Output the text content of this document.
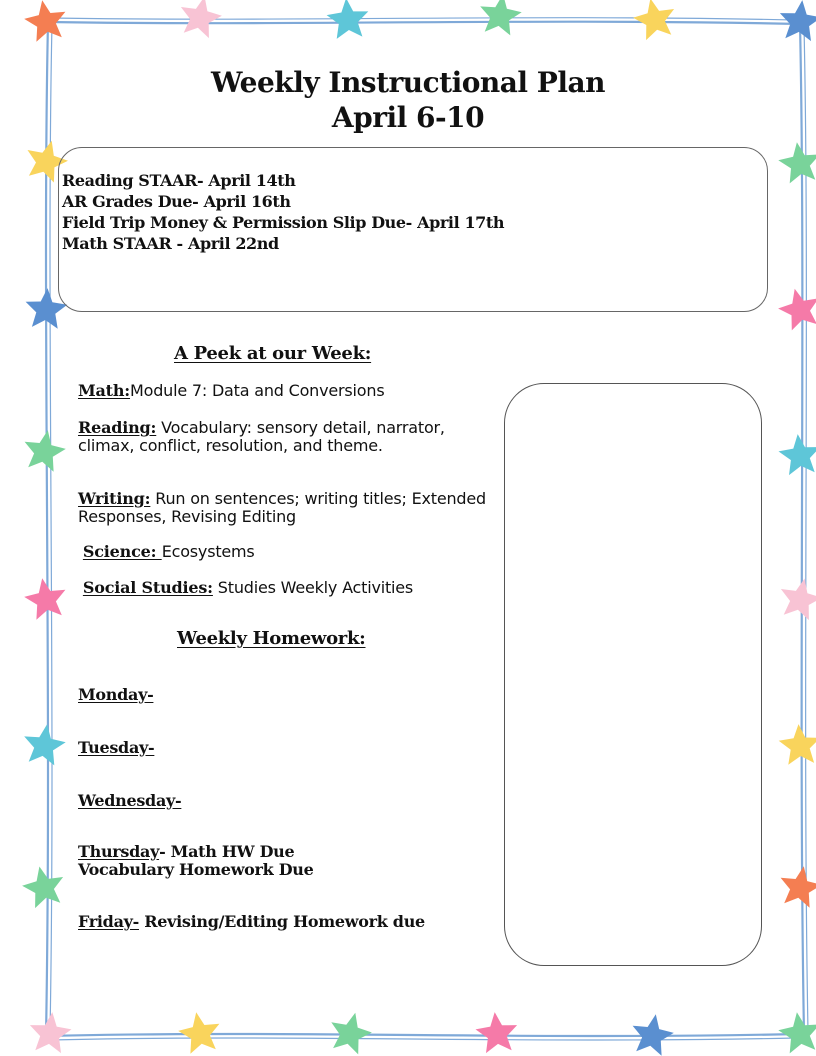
Weekly Instructional Plan
April 6-10
Reading STAAR- April 14th
AR Grades Due- April 16th
Field Trip Money & Permission Slip Due- April 17th
Math STAAR - April 22nd
A Peek at our Week:

Math:Module 7: Data and Conversions

Reading: Vocabulary: sensory detail, narrator, climax, conflict, resolution, and theme.

Writing: Run on sentences; writing titles; Extended Responses, Revising Editing

Science: Ecosystems

Social Studies: Studies Weekly Activities

Weekly Homework:

Monday-

Tuesday-

Wednesday-

Thursday- Math HW Due
Vocabulary Homework Due

Friday- Revising/Editing Homework due
